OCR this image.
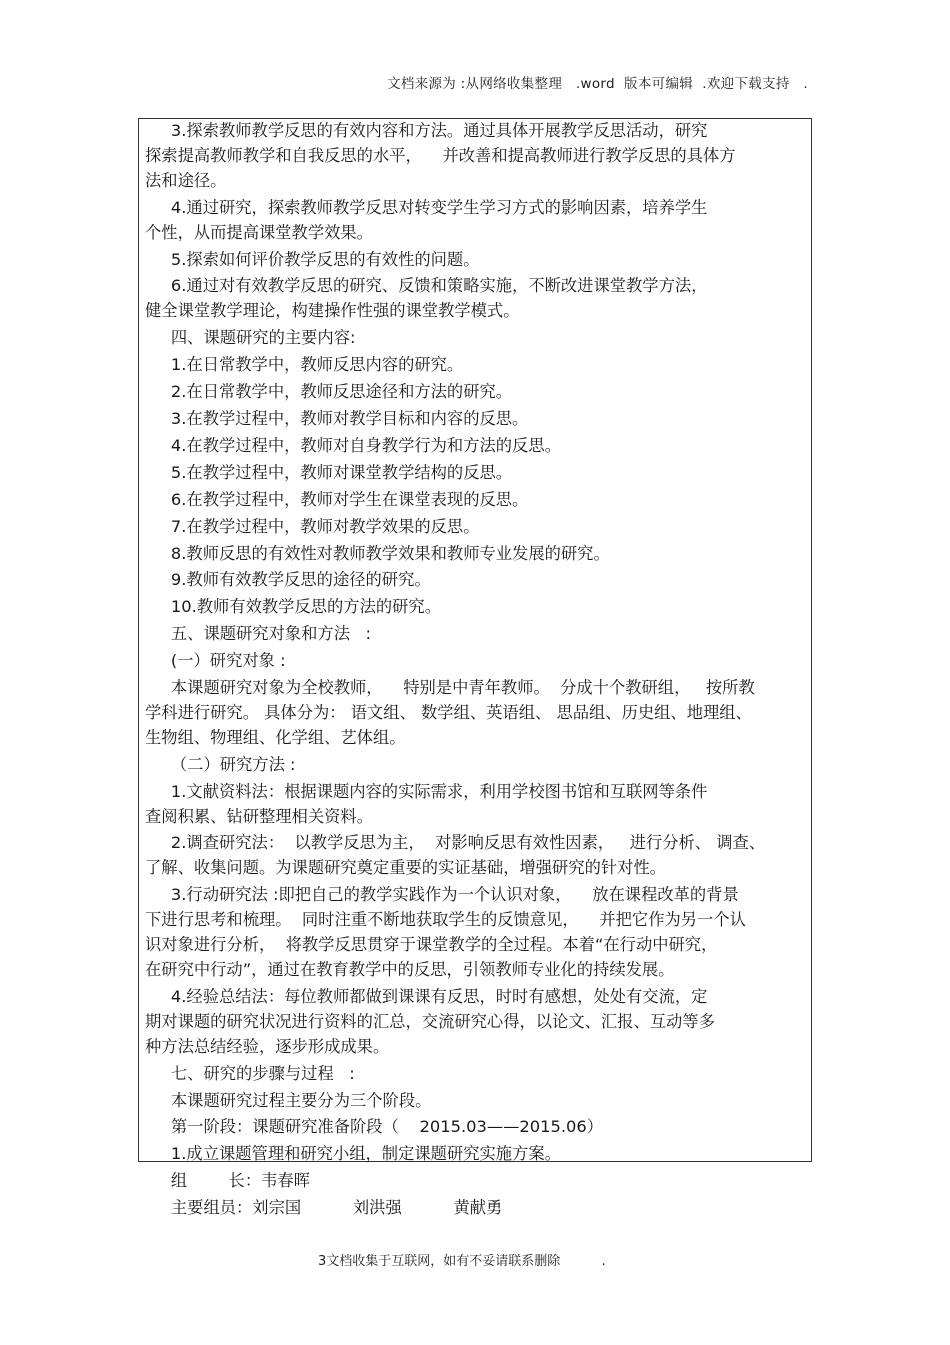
文档来源为 :从网络收集整理   .word  版本可编辑  .欢迎下载支持   .

3.探索教师教学反思的有效内容和方法。通过具体开展教学反思活动，研究

探索提高教师教学和自我反思的水平，    并改善和提高教师进行教学反思的具体方

法和途径。

4.通过研究，探索教师教学反思对转变学生学习方式的影响因素，培养学生

个性，从而提高课堂教学效果。

5.探索如何评价教学反思的有效性的问题。

6.通过对有效教学反思的研究、反馈和策略实施，不断改进课堂教学方法，

健全课堂教学理论，构建操作性强的课堂教学模式。

四、课题研究的主要内容:

1.在日常教学中，教师反思内容的研究。

2.在日常教学中，教师反思途径和方法的研究。

3.在教学过程中，教师对教学目标和内容的反思。

4.在教学过程中，教师对自身教学行为和方法的反思。

5.在教学过程中，教师对课堂教学结构的反思。

6.在教学过程中，教师对学生在课堂表现的反思。

7.在教学过程中，教师对教学效果的反思。

8.教师反思的有效性对教师教学效果和教师专业发展的研究。

9.教师有效教学反思的途径的研究。

10.教师有效教学反思的方法的研究。

五、课题研究对象和方法   :

(一）研究对象 :

本课题研究对象为全校教师，    特别是中青年教师。  分成十个教研组，   按所教

学科进行研究。 具体分为： 语文组、 数学组、英语组、 思品组、历史组、地理组、

生物组、物理组、化学组、艺体组。

（二）研究方法 :

1.文献资料法：根据课题内容的实际需求，利用学校图书馆和互联网等条件

查阅积累、钻研整理相关资料。

2.调查研究法：  以教学反思为主，  对影响反思有效性因素，   进行分析、 调查、

了解、收集问题。为课题研究奠定重要的实证基础，增强研究的针对性。

3.行动研究法 :即把自己的教学实践作为一个认识对象，    放在课程改革的背景

下进行思考和梳理。  同时注重不断地获取学生的反馈意见，    并把它作为另一个认

识对象进行分析，  将教学反思贯穿于课堂教学的全过程。本着“在行动中研究，

在研究中行动”，通过在教育教学中的反思，引领教师专业化的持续发展。

4.经验总结法：每位教师都做到课课有反思，时时有感想，处处有交流，定

期对课题的研究状况进行资料的汇总，交流研究心得，以论文、汇报、互动等多

种方法总结经验，逐步形成成果。

七、研究的步骤与过程   :

本课题研究过程主要分为三个阶段。

第一阶段：课题研究准备阶段（    2015.03——2015.06）

1.成立课题管理和研究小组，制定课题研究实施方案。

组        长：韦春晖

主要组员：刘宗国          刘洪强          黄献勇

3文档收集于互联网，如有不妥请联系删除          .
